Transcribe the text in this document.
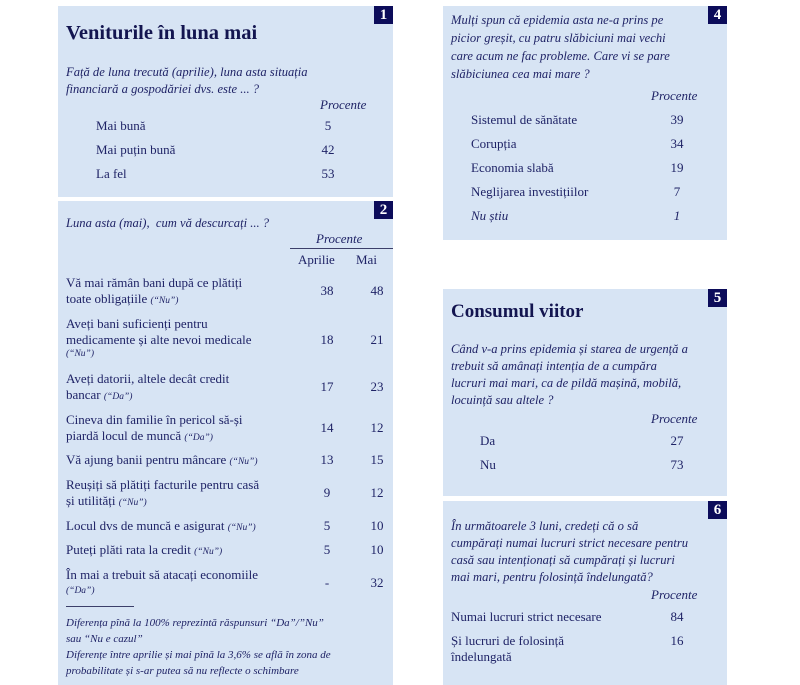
1
Veniturile în luna mai
Față de luna trecută (aprilie), luna asta situația
financiară a gospodăriei dvs. este ... ?
Procente
Mai bună	5
Mai puțin bună	42
La fel	53
2
Luna asta (mai),  cum vă descurcați ... ?
Procente
Aprilie Mai
Vă mai rămân bani după ce plătiți
toate obligațiile (“Nu”)
38	48
Aveți bani suficienți pentru
medicamente și alte nevoi medicale
(“Nu”)
18	21
Aveți datorii, altele decât credit
bancar (“Da”)
17	23
Cineva din familie în pericol să-și
piardă locul de muncă (“Da”)
14	12
Vă ajung banii pentru mâncare (“Nu”)	13	15
Reușiți să plătiți facturile pentru casă
și utilități (“Nu”)
9	12
Locul dvs de muncă e asigurat (“Nu”)	5	10
Puteți plăti rata la credit (“Nu”)	5	10
În mai a trebuit să atacați economiile
(“Da”)
-	32
Diferența pînă la 100% reprezintă răspunsuri “Da”/”Nu”
sau “Nu e cazul”
Diferențe între aprilie și mai pînă la 3,6% se află în zona de
probabilitate și s-ar putea să nu reflecte o schimbare
4
Mulți spun că epidemia asta ne-a prins pe
picior greșit, cu patru slăbiciuni mai vechi
care acum ne fac probleme. Care vi se pare
slăbiciunea cea mai mare ?
Procente
Sistemul de sănătate	39
Corupția	34
Economia slabă	19
Neglijarea investițiilor	7
Nu știu	1
5
Consumul viitor
Când v-a prins epidemia și starea de urgență a
trebuit să amânați intenția de a cumpăra
lucruri mai mari, ca de pildă mașină, mobilă,
locuință sau altele ?
Procente
Da	27
Nu	73
6
În următoarele 3 luni, credeți că o să
cumpărați numai lucruri strict necesare pentru
casă sau intenționați să cumpărați și lucruri
mai mari, pentru folosință îndelungată?
Procente
Numai lucruri strict necesare	84
Și lucruri de folosință
îndelungată
16
